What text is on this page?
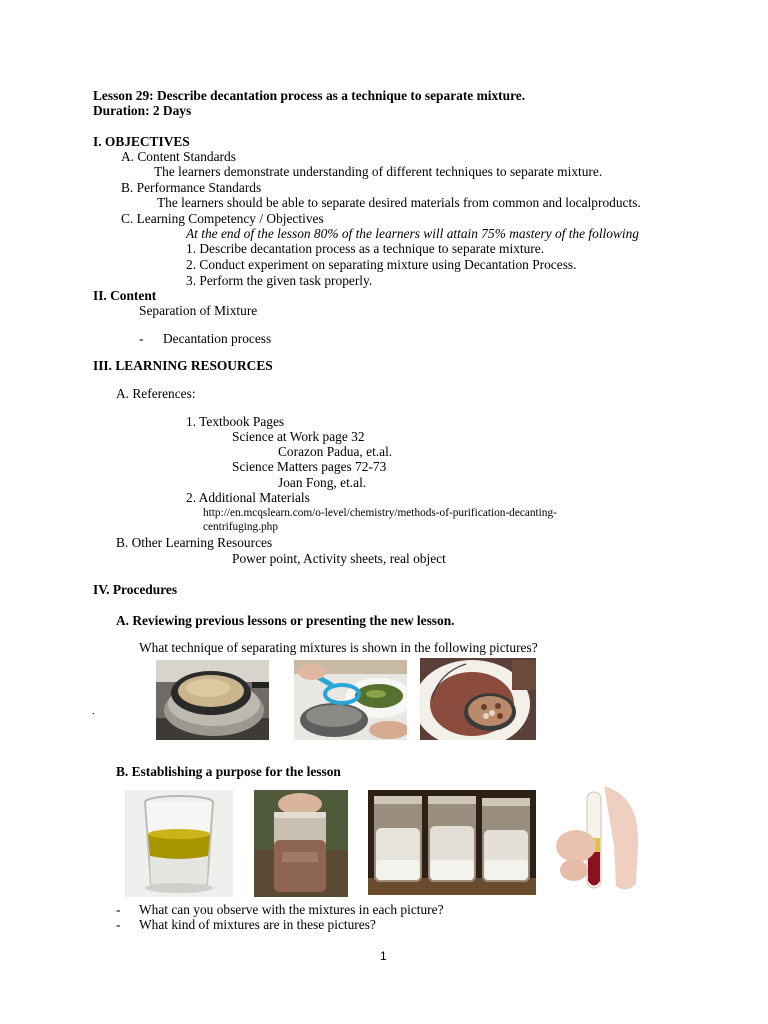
Lesson 29: Describe decantation process as a technique to separate mixture.
Duration: 2 Days
I. OBJECTIVES
A. Content Standards
The learners demonstrate understanding of different techniques to separate mixture.
B. Performance Standards
The learners should be able to separate desired materials from common and localproducts.
C. Learning Competency / Objectives
At the end of the lesson 80% of the learners will attain 75% mastery of the following
1. Describe decantation process as a technique to separate mixture.
2. Conduct experiment on separating mixture using Decantation Process.
3. Perform the given task properly.
II. Content
Separation of Mixture
- Decantation process
III. LEARNING RESOURCES
A. References:
1. Textbook Pages
Science at Work page 32
Corazon Padua, et.al.
Science Matters pages 72-73
Joan Fong, et.al.
2. Additional Materials
http://en.mcqslearn.com/o-level/chemistry/methods-of-purification-decanting-
centrifuging.php
B. Other Learning Resources
Power point, Activity sheets, real object
IV. Procedures
A. Reviewing previous lessons or presenting the new lesson.
What technique of separating mixtures is shown in the following pictures?
.
B. Establishing a purpose for the lesson
- What can you observe with the mixtures in each picture?
- What kind of mixtures are in these pictures?
1
